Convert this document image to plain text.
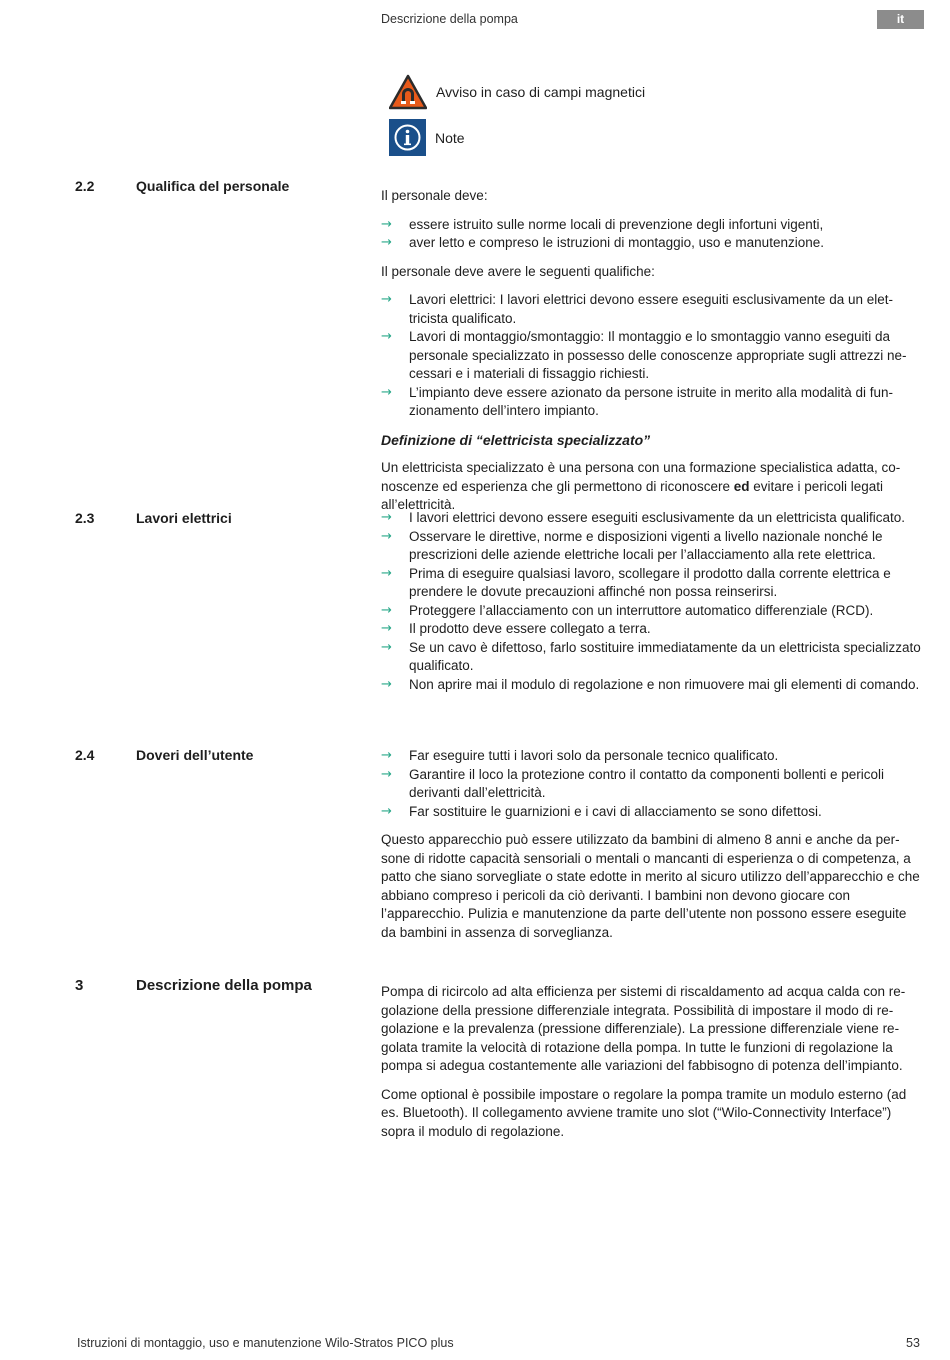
Descrizione della pompa	it
Avviso in caso di campi magnetici
Note
2.2	Qualifica del personale

Il personale deve:

→ essere istruito sulle norme locali di prevenzione degli infortuni vigenti,
→ aver letto e compreso le istruzioni di montaggio, uso e manutenzione.

Il personale deve avere le seguenti qualifiche:

→ Lavori elettrici: I lavori elettrici devono essere eseguiti esclusivamente da un elettricista qualificato.
→ Lavori di montaggio/smontaggio: Il montaggio e lo smontaggio vanno eseguiti da personale specializzato in possesso delle conoscenze appropriate sugli attrezzi necessari e i materiali di fissaggio richiesti.
→ L’impianto deve essere azionato da persone istruite in merito alla modalità di funzionamento dell’intero impianto.
Definizione di “elettricista specializzato”

Un elettricista specializzato è una persona con una formazione specialistica adatta, conoscenze ed esperienza che gli permettono di riconoscere ed evitare i pericoli legati all’elettricità.

2.3	Lavori elettrici	→ I lavori elettrici devono essere eseguiti esclusivamente da un elettricista qualificato.
→ Osservare le direttive, norme e disposizioni vigenti a livello nazionale nonché le prescrizioni delle aziende elettriche locali per l’allacciamento alla rete elettrica.
→ Prima di eseguire qualsiasi lavoro, scollegare il prodotto dalla corrente elettrica e prendere le dovute precauzioni affinché non possa reinserirsi.
→ Proteggere l’allacciamento con un interruttore automatico differenziale (RCD).
→ Il prodotto deve essere collegato a terra.
→ Se un cavo è difettoso, farlo sostituire immediatamente da un elettricista specializzato qualificato.
→ Non aprire mai il modulo di regolazione e non rimuovere mai gli elementi di comando.
2.4	Doveri dell’utente	→ Far eseguire tutti i lavori solo da personale tecnico qualificato.
→ Garantire il loco la protezione contro il contatto da componenti bollenti e pericoli derivanti dall’elettricità.
→ Far sostituire le guarnizioni e i cavi di allacciamento se sono difettosi.

Questo apparecchio può essere utilizzato da bambini di almeno 8 anni e anche da persone di ridotte capacità sensoriali o mentali o mancanti di esperienza o di competenza, a patto che siano sorvegliate o state edotte in merito al sicuro utilizzo dell’apparecchio e che abbiano compreso i pericoli da ciò derivanti. I bambini non devono giocare con l’apparecchio. Pulizia e manutenzione da parte dell’utente non possono essere eseguite da bambini in assenza di sorveglianza.

3	Descrizione della pompa	Pompa di ricircolo ad alta efficienza per sistemi di riscaldamento ad acqua calda con regolazione della pressione differenziale integrata. Possibilità di impostare il modo di regolazione e la prevalenza (pressione differenziale). La pressione differenziale viene regolata tramite la velocità di rotazione della pompa. In tutte le funzioni di regolazione la pompa si adegua costantemente alle variazioni del fabbisogno di potenza dell’impianto.

Come optional è possibile impostare o regolare la pompa tramite un modulo esterno (ad es. Bluetooth). Il collegamento avviene tramite uno slot (“Wilo-Connectivity Interface”) sopra il modulo di regolazione.

Istruzioni di montaggio, uso e manutenzione Wilo-Stratos PICO plus	53
